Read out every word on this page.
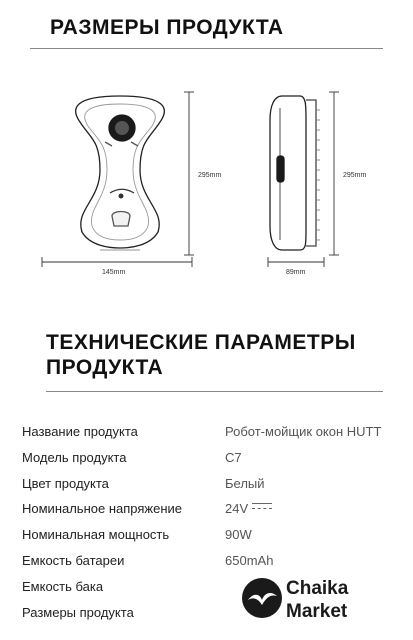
РАЗМЕРЫ ПРОДУКТА
295mm
145mm
295mm
89mm
ТЕХНИЧЕСКИЕ ПАРАМЕТРЫ
ПРОДУКТА
Название продукта	Робот-мойщик окон HUTT
Модель продукта	C7
Цвет продукта	Белый
Номинальное напряжение	24V
Номинальная мощность	90W
Емкость батареи	650mAh
Емкость бака
Размеры продукта
Chaika
Market
